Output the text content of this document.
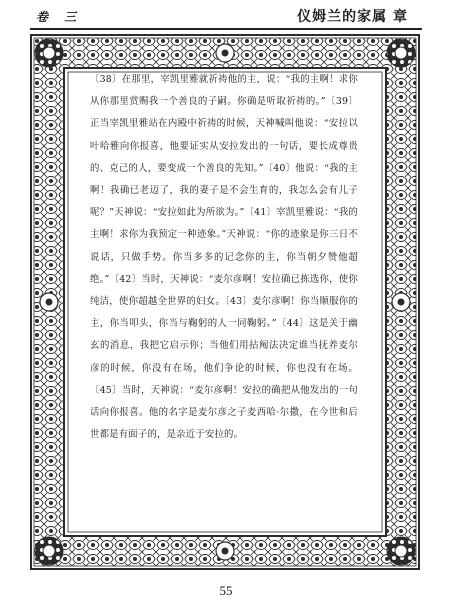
卷 三	仪姆兰的家属 章
〔38〕在那里，宰凯里雅就祈祷他的主，说：“我的主啊！求你从你那里赏赐我一个善良的子嗣。你确是听取祈祷的。”〔39〕正当宰凯里雅站在内殿中祈祷的时候，天神喊叫他说：“安拉以叶哈雅向你报喜，他要证实从安拉发出的一句话，要长成尊贵的、克己的人，要变成一个善良的先知。”〔40〕他说：“我的主啊！我确已老迈了，我的妻子是不会生育的，我怎么会有儿子呢？”天神说：“安拉如此为所欲为。”〔41〕宰凯里雅说：“我的主啊！求你为我预定一种迹象。”天神说：“你的迹象是你三日不说话，只做手势。你当多多的记念你的主，你当朝夕赞他超绝。”〔42〕当时，天神说：“麦尔彦啊！安拉确已拣选你，使你纯洁，使你超越全世界的妇女。〔43〕麦尔彦啊！你当顺服你的主，你当叩头，你当与鞠躬的人一同鞠躬。”〔44〕这是关于幽玄的消息，我把它启示你；当他们用拈阄法决定谁当抚养麦尔彦的时候，你没有在场，他们争论的时候，你也没有在场。〔45〕当时，天神说：“麦尔彦啊！安拉的确把从他发出的一句话向你报喜。他的名字是麦尔彦之子麦西哈·尔撒，在今世和后世都是有面子的，是亲近于安拉的。
55
